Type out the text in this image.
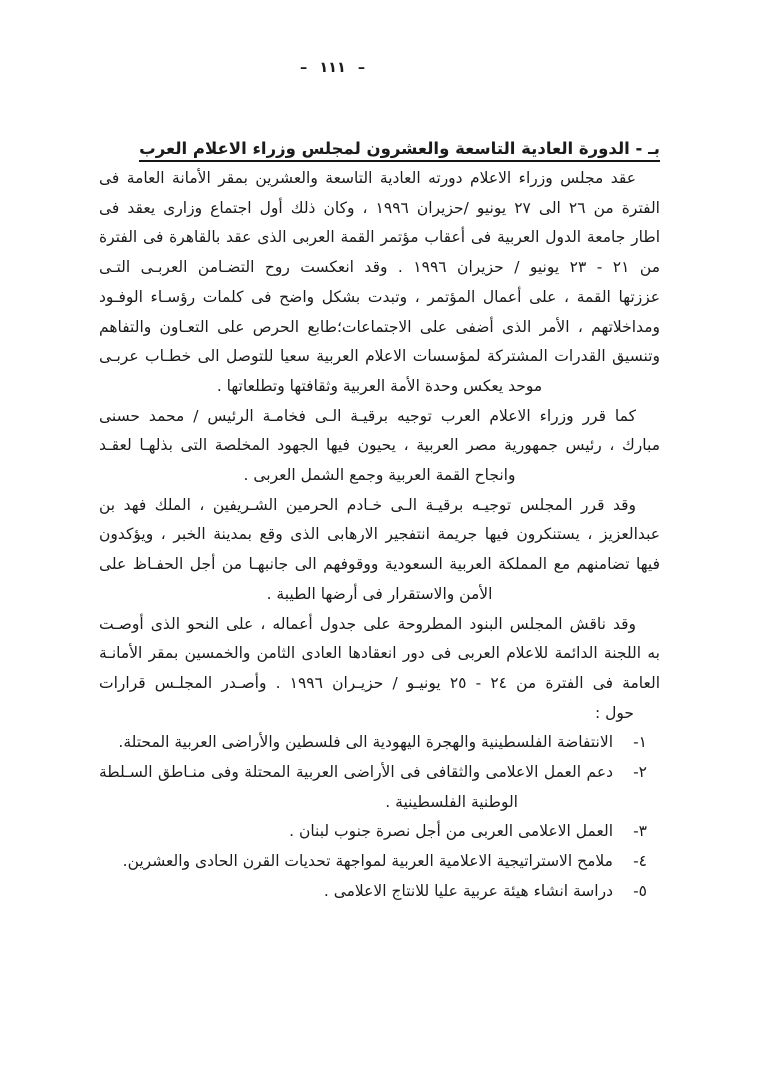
– ١١١ –
بـ - الدورة العادية التاسعة والعشرون لمجلس وزراء الاعلام العرب
عقد مجلس وزراء الاعلام دورته العادية التاسعة والعشرين بمقر الأمانة العامة فى
الفترة من ٢٦ الى ٢٧ يونيو /حزيران ١٩٩٦ ، وكان ذلك أول اجتماع وزارى يعقد فى
اطار جامعة الدول العربية فى أعقاب مؤتمر القمة العربى الذى عقد بالقاهرة فى الفترة
من ٢١ - ٢٣ يونيو / حزيران ١٩٩٦ . وقد انعكست روح التضـامن العربـى التـى
عززتها القمة ، على أعمال المؤتمر ، وتبدت بشكل واضح فى كلمات رؤسـاء الوفـود
ومداخلاتهم ، الأمر الذى أضفى على الاجتماعات؛طابع الحرص على التعـاون والتفاهم
وتنسيق القدرات المشتركة لمؤسسات الاعلام العربية سعيا للتوصل الى خطـاب عربـى
موحد يعكس وحدة الأمة العربية وثقافتها وتطلعاتها .
كما قرر وزراء الاعلام العرب توجيه برقيـة الـى فخامـة الرئيس / محمد حسنى
مبارك ، رئيس جمهورية مصر العربية ، يحيون فيها الجهود المخلصة التى بذلهـا لعقـد
وانجاح القمة العربية وجمع الشمل العربى .
وقد قرر المجلس توجيـه برقيـة الـى خـادم الحرمين الشـريفين ، الملك فهد بن
عبدالعزيز ، يستنكرون فيها جريمة انتفجير الارهابى الذى وقع بمدينة الخبر ، ويؤكدون
فيها تضامنهم مع المملكة العربية السعودية ووقوفهم الى جانبهـا من أجل الحفـاظ على
الأمن والاستقرار فى أرضها الطيبة .
وقد ناقش المجلس البنود المطروحة على جدول أعماله ، على النحو الذى أوصـت
به اللجنة الدائمة للاعلام العربى فى دور انعقادها العادى الثامن والخمسين بمقر الأمانـة
العامة فى الفترة من ٢٤ - ٢٥ يونيـو / حزيـران ١٩٩٦ . وأصـدر المجلـس قرارات
حول :
١-
الانتفاضة الفلسطينية والهجرة اليهودية الى فلسطين والأراضى العربية المحتلة.
٢-
دعم العمل الاعلامى والثقافى فى الأراضى العربية المحتلة وفى منـاطق السـلطة
الوطنية الفلسطينية .
٣-
العمل الاعلامى العربى من أجل نصرة جنوب لبنان .
٤-
ملامح الاستراتيجية الاعلامية العربية لمواجهة تحديات القرن الحادى والعشرين.
٥-
دراسة انشاء هيئة عربية عليا للانتاج الاعلامى .
